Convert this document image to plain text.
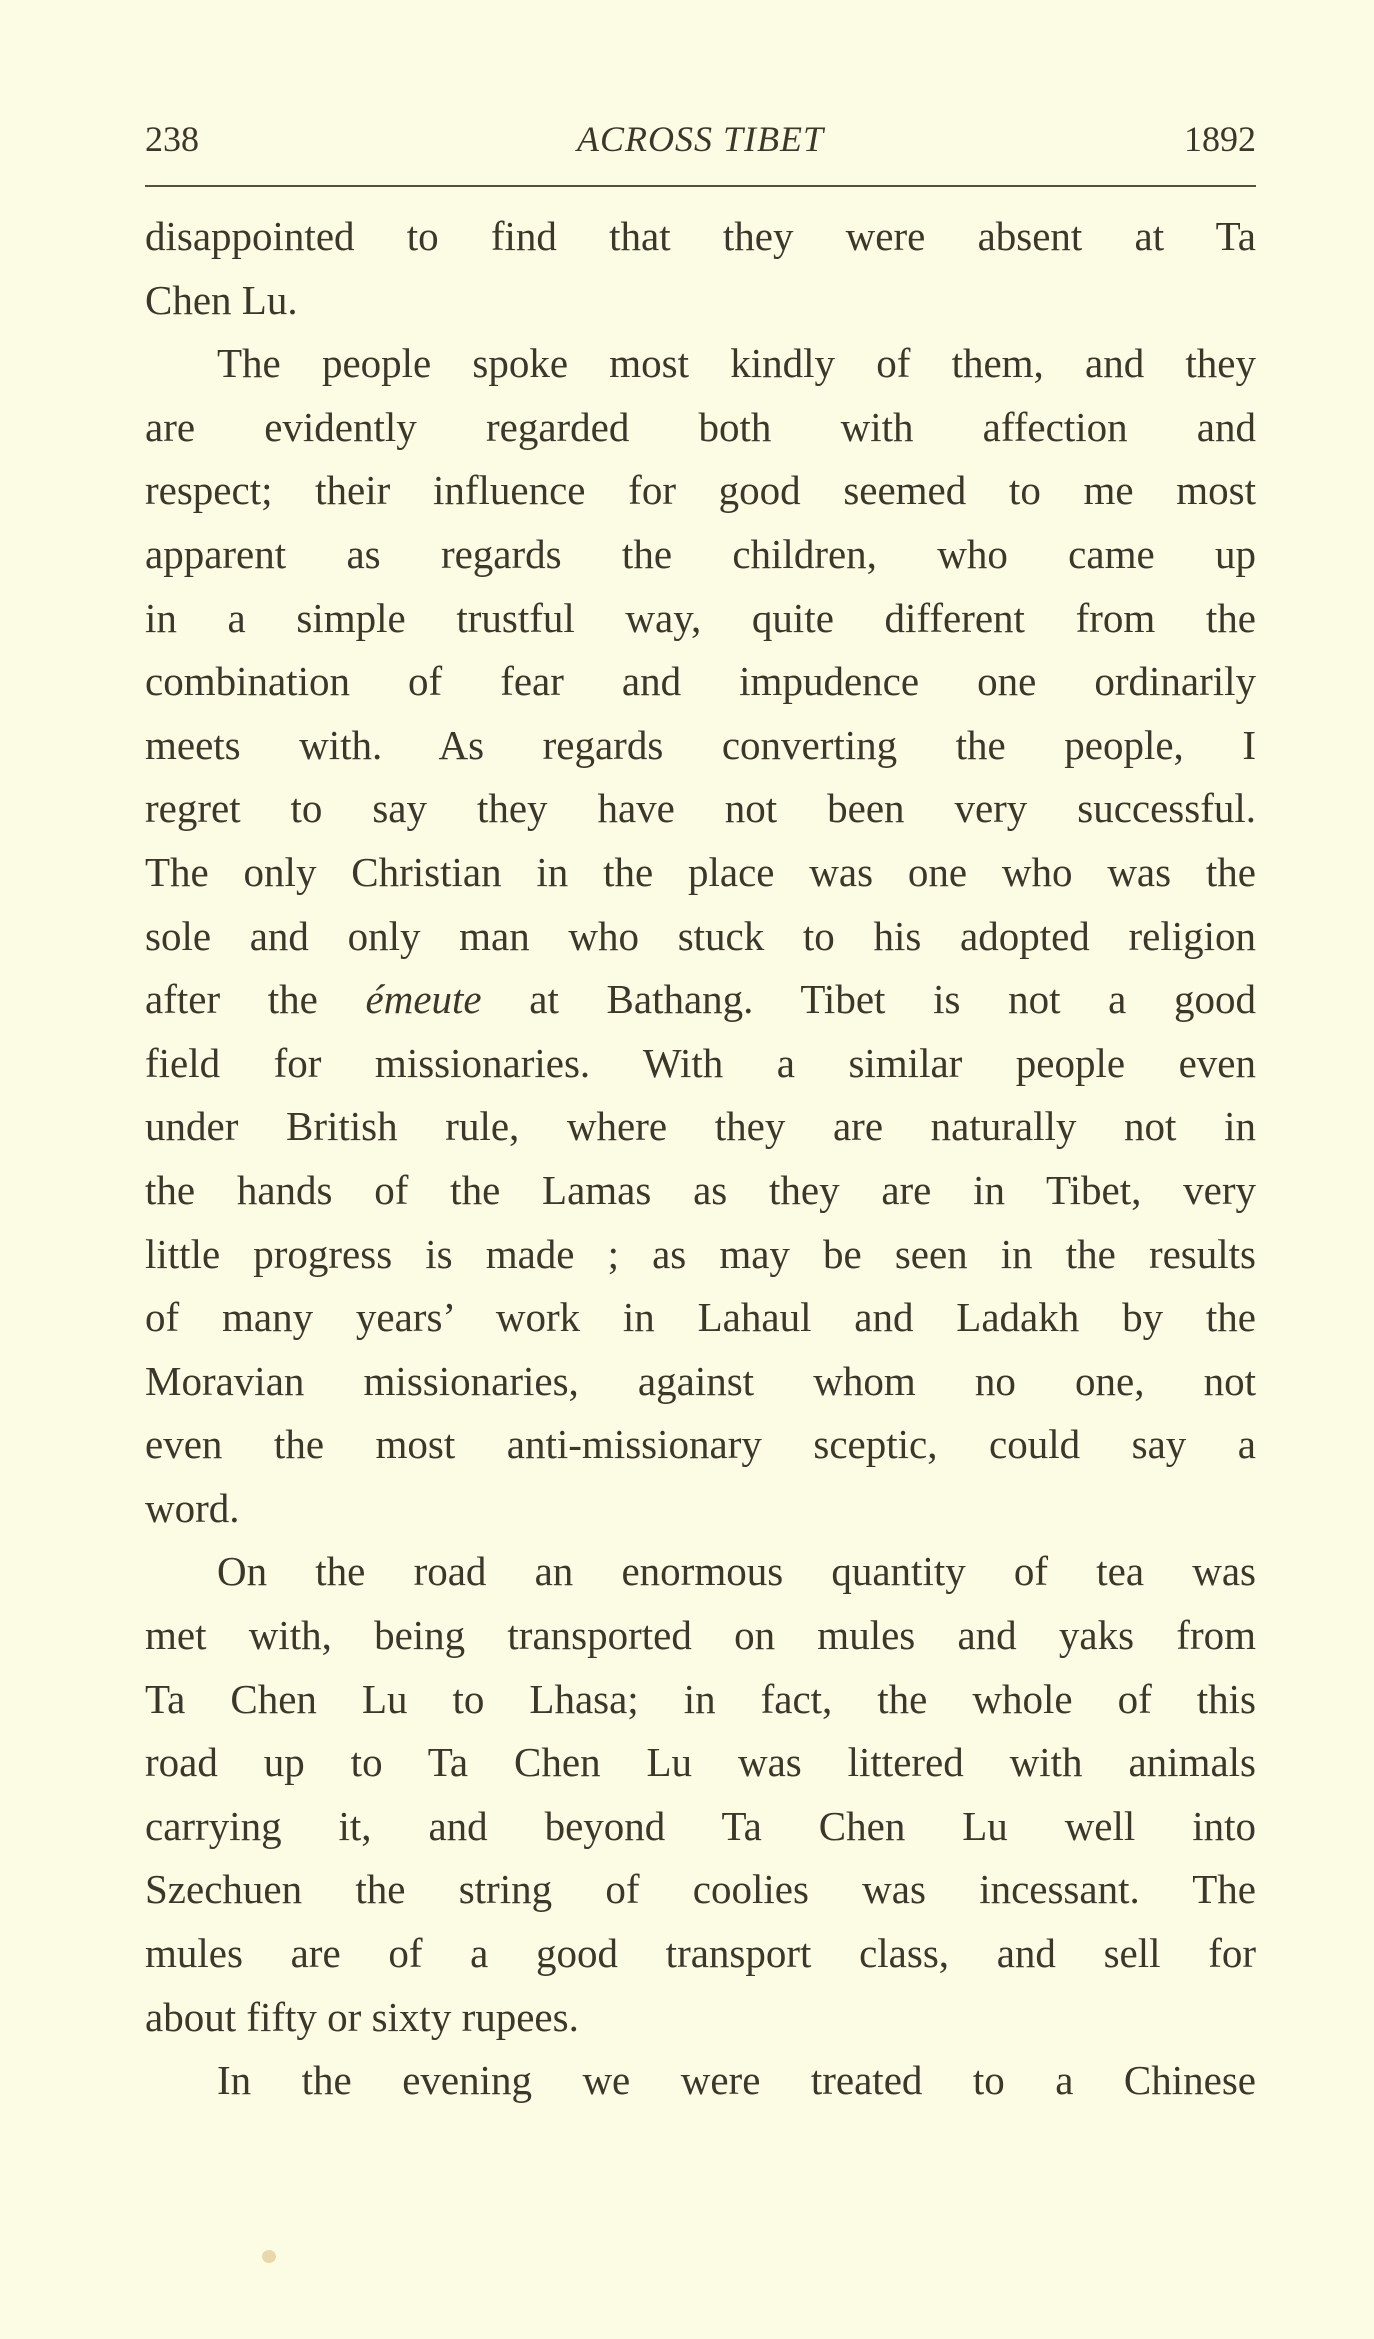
238	ACROSS TIBET	1892
disappointed to find that they were absent at Ta
Chen Lu.
The people spoke most kindly of them, and they
are evidently regarded both with affection and
respect; their influence for good seemed to me most
apparent as regards the children, who came up
in a simple trustful way, quite different from the
combination of fear and impudence one ordinarily
meets with. As regards converting the people, I
regret to say they have not been very successful.
The only Christian in the place was one who was the
sole and only man who stuck to his adopted religion
after the émeute at Bathang. Tibet is not a good
field for missionaries. With a similar people even
under British rule, where they are naturally not in
the hands of the Lamas as they are in Tibet, very
little progress is made ; as may be seen in the results
of many years’ work in Lahaul and Ladakh by the
Moravian missionaries, against whom no one, not
even the most anti-missionary sceptic, could say a
word.
On the road an enormous quantity of tea was
met with, being transported on mules and yaks from
Ta Chen Lu to Lhasa; in fact, the whole of this
road up to Ta Chen Lu was littered with animals
carrying it, and beyond Ta Chen Lu well into
Szechuen the string of coolies was incessant. The
mules are of a good transport class, and sell for
about fifty or sixty rupees.
In the evening we were treated to a Chinese
